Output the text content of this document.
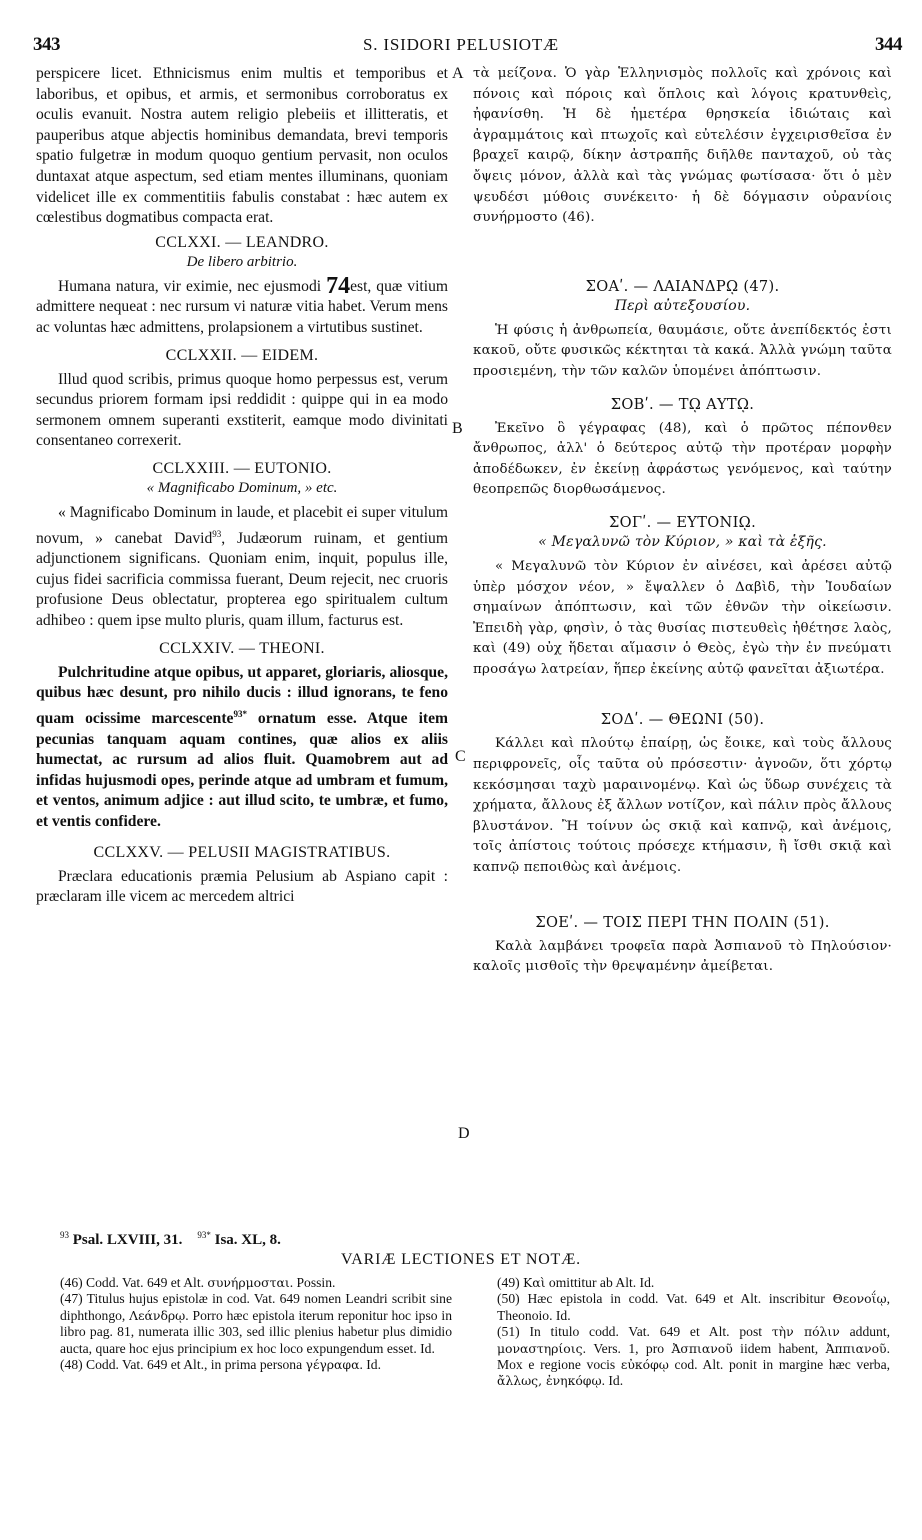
343	S. ISIDORI PELUSIOTÆ	344

perspicere licet. Ethnicismus enim multis et temporibus et laboribus, et opibus, et armis, et sermonibus corroboratus ex oculis evanuit. Nostra autem religio plebeiis et illitteratis, et pauperibus atque abjectis hominibus demandata, brevi temporis spatio fulgetræ in modum quoquo gentium pervasit, non oculos duntaxat atque aspectum, sed etiam mentes illuminans, quoniam videlicet ille ex commentitiis fabulis constabat : hæc autem ex cœlestibus dogmatibus compacta erat.

CCLXXI. — LEANDRO.
De libero arbitrio.

Humana natura, vir eximie, nec ejusmodi 74est, quæ vitium admittere nequeat : nec rursum vi naturæ vitia habet. Verum mens ac voluntas hæc admittens, prolapsionem a virtutibus sustinet.

CCLXXII. — EIDEM.

Illud quod scribis, primus quoque homo perpessus est, verum secundus priorem formam ipsi reddidit : quippe qui in ea modo sermonem omnem superanti exstiterit, eamque modo divinitati consentaneo correxerit.

CCLXXIII. — EUTONIO.
« Magnificabo Dominum, » etc.

« Magnificabo Dominum in laude, et placebit ei super vitulum novum, » canebat David$^{93}$, Judæorum ruinam, et gentium adjunctionem significans. Quoniam enim, inquit, populus ille, cujus fidei sacrificia commissa fuerant, Deum rejecit, nec cruoris profusione Deus oblectatur, propterea ego spiritualem cultum adhibeo : quem ipse multo pluris, quam illum, facturus est.

CCLXXIV. — THEONI.

Pulchritudine atque opibus, ut apparet, gloriaris, aliosque, quibus hæc desunt, pro nihilo ducis : illud ignorans, te feno quam ocissime marcescente$^{93*}$ ornatum esse. Atque item pecunias tanquam aquam contines, quæ alios ex aliis humectat, ac rursum ad alios fluit. Quamobrem aut ad infidas hujusmodi opes, perinde atque ad umbram et fumum, et ventos, animum adjice : aut illud scito, te umbræ, et fumo, et ventis confidere.

CCLXXV. — PELUSII MAGISTRATIBUS.

Præclara educationis præmia Pelusium ab Aspiano capit : præclaram ille vicem ac mercedem altrici

A
B
C
D

τὰ μείζονα. Ὁ γὰρ Ἑλληνισμὸς πολλοῖς καὶ χρόνοις καὶ πόνοις καὶ πόροις καὶ ὅπλοις καὶ λόγοις κρατυνθεὶς, ἠφανίσθη. Ἡ δὲ ἡμετέρα θρησκεία ἰδιώταις καὶ ἀγραμμάτοις καὶ πτωχοῖς καὶ εὐτελέσιν ἐγχειρισθεῖσα ἐν βραχεῖ καιρῷ, δίκην ἀστραπῆς διῆλθε πανταχοῦ, οὐ τὰς ὄψεις μόνον, ἀλλὰ καὶ τὰς γνώμας φωτίσασα· ὅτι ὁ μὲν ψευδέσι μύθοις συνέκειτο· ἡ δὲ δόγμασιν οὐρανίοις συνήρμοστο (46).

ΣΟΑʹ. — ΛΑΙΑΝΔΡῼ (47).
Περὶ αὐτεξουσίου.

Ἡ φύσις ἡ ἀνθρωπεία, θαυμάσιε, οὔτε ἀνεπίδεκτός ἐστι κακοῦ, οὔτε φυσικῶς κέκτηται τὰ κακά. Ἀλλὰ γνώμη ταῦτα προσιεμένη, τὴν τῶν καλῶν ὑπομένει ἀπόπτωσιν.

ΣΟΒʹ. — Τῼ ΑΥΤῼ.

Ἐκεῖνο ὃ γέγραφας (48), καὶ ὁ πρῶτος πέπονθεν ἄνθρωπος, ἀλλ' ὁ δεύτερος αὐτῷ τὴν προτέραν μορφὴν ἀποδέδωκεν, ἐν ἐκείνῃ ἀφράστως γενόμενος, καὶ ταύτην θεοπρεπῶς διορθωσάμενος.

ΣΟΓʹ. — ΕΥΤΟΝΙῼ.
« Μεγαλυνῶ τὸν Κύριον, » καὶ τὰ ἑξῆς.

« Μεγαλυνῶ τὸν Κύριον ἐν αἰνέσει, καὶ ἀρέσει αὐτῷ ὑπὲρ μόσχον νέον, » ἔψαλλεν ὁ Δαβὶδ, τὴν Ἰουδαίων σημαίνων ἀπόπτωσιν, καὶ τῶν ἐθνῶν τὴν οἰκείωσιν. Ἐπειδὴ γὰρ, φησὶν, ὁ τὰς θυσίας πιστευθεὶς ἠθέτησε λαὸς, καὶ (49) οὐχ ἥδεται αἵμασιν ὁ Θεὸς, ἐγὼ τὴν ἐν πνεύματι προσάγω λατρείαν, ἥπερ ἐκείνης αὐτῷ φανεῖται ἀξιωτέρα.

ΣΟΔʹ. — ΘΕΩΝΙ (50).

Κάλλει καὶ πλούτῳ ἐπαίρῃ, ὡς ἔοικε, καὶ τοὺς ἄλλους περιφρονεῖς, οἷς ταῦτα οὐ πρόσεστιν· ἀγνοῶν, ὅτι χόρτῳ κεκόσμησαι ταχὺ μαραινομένῳ. Καὶ ὡς ὕδωρ συνέχεις τὰ χρήματα, ἄλλους ἐξ ἄλλων νοτίζον, καὶ πάλιν πρὸς ἄλλους βλυστάνον. Ἢ τοίνυν ὡς σκιᾷ καὶ καπνῷ, καὶ ἀνέμοις, τοῖς ἀπίστοις τούτοις πρόσεχε κτήμασιν, ἢ ἴσθι σκιᾷ καὶ καπνῷ πεποιθὼς καὶ ἀνέμοις.

ΣΟΕʹ. — ΤΟΙΣ ΠΕΡΙ ΤΗΝ ΠΟΛΙΝ (51).

Καλὰ λαμβάνει τροφεῖα παρὰ Ἀσπιανοῦ τὸ Πηλούσιον· καλοῖς μισθοῖς τὴν θρεψαμένην ἀμείβεται.

$^{93}$ Psal. LXVIII, 31. $^{93*}$ Isa. XL, 8.
VARIÆ LECTIONES ET NOTÆ.

(46) Codd. Vat. 649 et Alt. συνήρμοσται. Possin.

(47) Titulus hujus epistolæ in cod. Vat. 649 nomen Leandri scribit sine diphthongo, Λεάνδρῳ. Porro hæc epistola iterum reponitur hoc ipso in libro pag. 81, numerata illic 303, sed illic plenius habetur plus dimidio aucta, quare hoc ejus principium ex hoc loco expungendum esset. Id.

(48) Codd. Vat. 649 et Alt., in prima persona γέγραφα. Id.

(49) Καὶ omittitur ab Alt. Id.

(50) Hæc epistola in codd. Vat. 649 et Alt. inscribitur Θεονοΐῳ, Theonoio. Id.

(51) In titulo codd. Vat. 649 et Alt. post τὴν πόλιν addunt, μοναστηρίοις. Vers. 1, pro Ἀσπιανοῦ iidem habent, Ἀππιανοῦ. Mox e regione vocis εὐκόφῳ cod. Alt. ponit in margine hæc verba, ἄλλως, ἐνηκόφῳ. Id.
